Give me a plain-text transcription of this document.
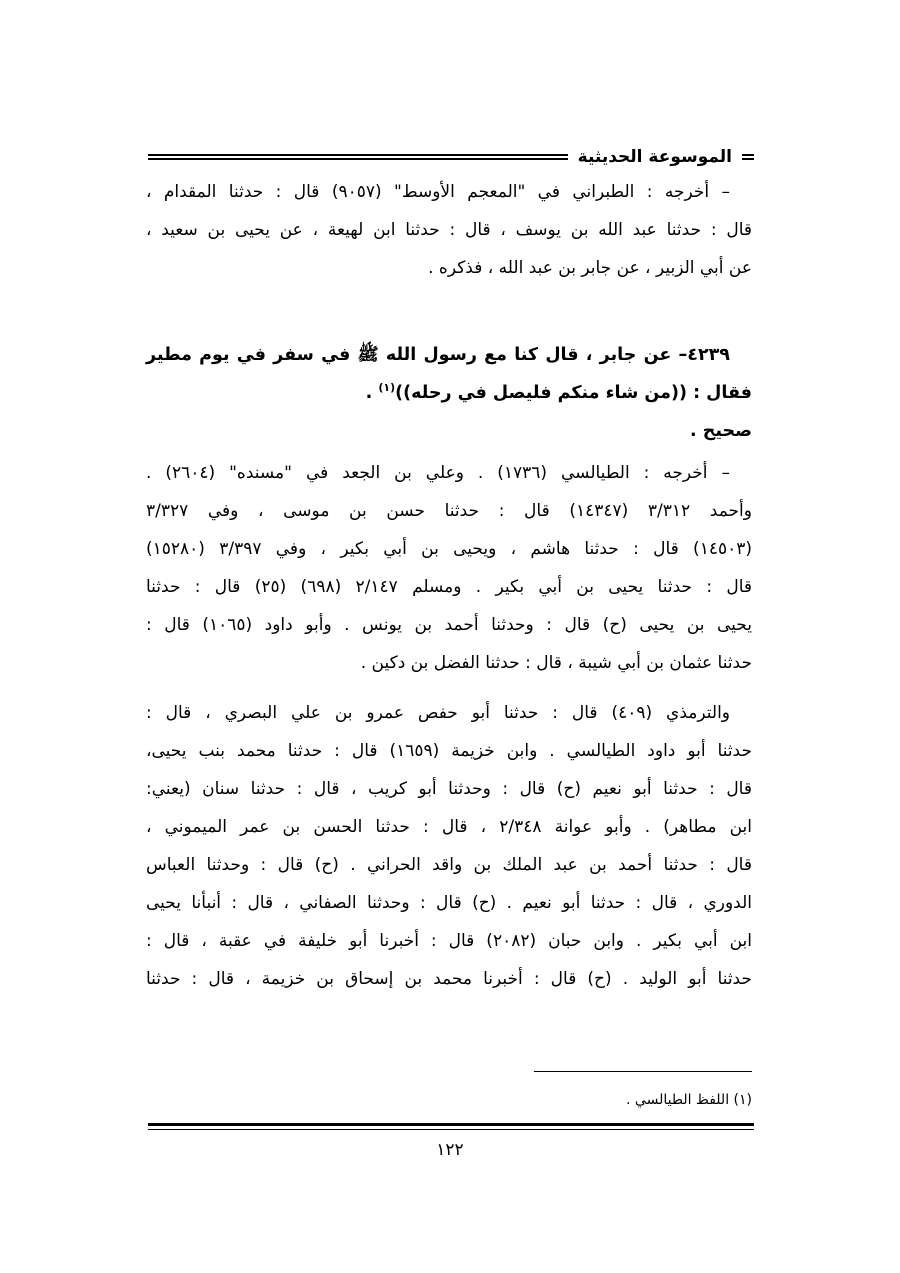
الموسوعة الحديثية
– أخرجه : الطبراني في "المعجم الأوسط" (٩٠٥٧) قال : حدثنا المقدام ،
قال : حدثنا عبد الله بن يوسف ، قال : حدثنا ابن لهيعة ، عن يحيى بن سعيد ،
عن أبي الزبير ، عن جابر بن عبد الله ، فذكره .
٤٢٣٩– عن جابر ، قال كنا مع رسول الله ﷺ في سفر في يوم مطير
فقال : ((من شاء منكم فليصل في رحله))$^{(١)}$ .
صحيح .
– أخرجه : الطيالسي (١٧٣٦) . وعلي بن الجعد في "مسنده" (٢٦٠٤) .
وأحمد ٣/٣١٢ (١٤٣٤٧) قال : حدثنا حسن بن موسى ، وفي ٣/٣٢٧
(١٤٥٠٣) قال : حدثنا هاشم ، ويحيى بن أبي بكير ، وفي ٣/٣٩٧ (١٥٢٨٠)
قال : حدثنا يحيى بن أبي بكير . ومسلم ٢/١٤٧ (٦٩٨) (٢٥) قال : حدثنا
يحيى بن يحيى (ح) قال : وحدثنا أحمد بن يونس . وأبو داود (١٠٦٥) قال :
حدثنا عثمان بن أبي شيبة ، قال : حدثنا الفضل بن دكين .
والترمذي (٤٠٩) قال : حدثنا أبو حفص عمرو بن علي البصري ، قال :
حدثنا أبو داود الطيالسي . وابن خزيمة (١٦٥٩) قال : حدثنا محمد بنب يحيى،
قال : حدثنا أبو نعيم (ح) قال : وحدثنا أبو كريب ، قال : حدثنا سنان (يعني:
ابن مطاهر) . وأبو عوانة ٢/٣٤٨ ، قال : حدثنا الحسن بن عمر الميموني ،
قال : حدثنا أحمد بن عبد الملك بن واقد الحراني . (ح) قال : وحدثنا العباس
الدوري ، قال : حدثنا أبو نعيم . (ح) قال : وحدثنا الصفاني ، قال : أنبأنا يحيى
ابن أبي بكير . وابن حبان (٢٠٨٢) قال : أخبرنا أبو خليفة في عقبة ، قال :
حدثنا أبو الوليد . (ح) قال : أخبرنا محمد بن إسحاق بن خزيمة ، قال : حدثنا
(١) اللفظ الطيالسي .
١٢٢
